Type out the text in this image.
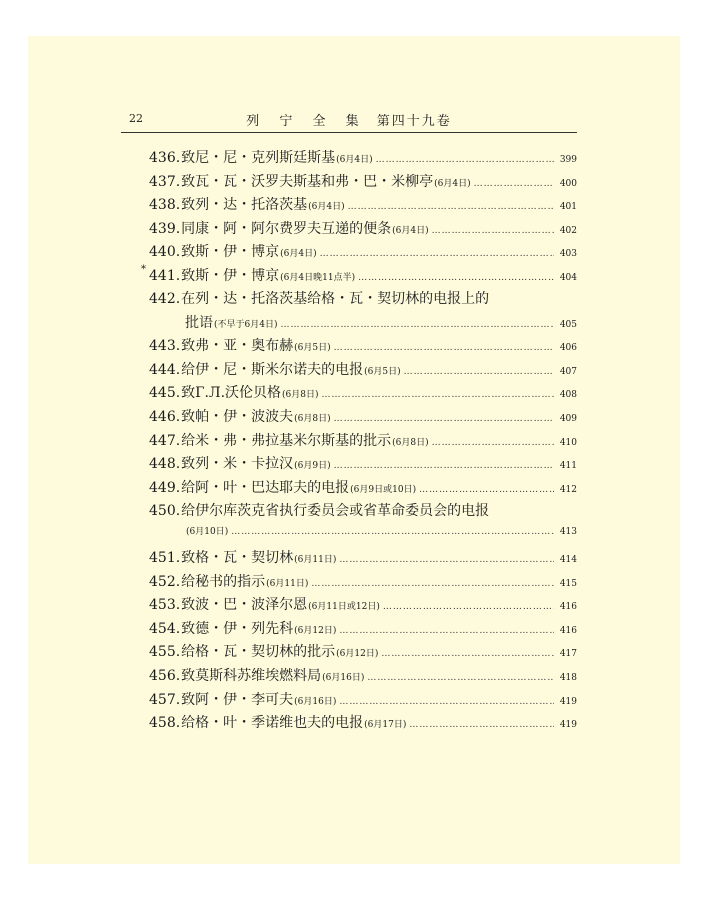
22	列 宁 全 集 第四十九卷
436. 致尼・尼・克列斯廷斯基 (6月4日) ……………………………………………………………………………………………………………………………………………………	399
437. 致瓦・瓦・沃罗夫斯基和弗・巴・米柳亭 (6月4日) ……………………………………………………………………………………………………………………………………………………	400
438. 致列・达・托洛茨基 (6月4日) ……………………………………………………………………………………………………………………………………………………	401
439. 同康・阿・阿尔费罗夫互递的便条 (6月4日) ……………………………………………………………………………………………………………………………………………………	402
440. 致斯・伊・博京 (6月4日) ……………………………………………………………………………………………………………………………………………………	403
* 441. 致斯・伊・博京 (6月4日晚11点半) ……………………………………………………………………………………………………………………………………………………	404
442. 在列・达・托洛茨基给格・瓦・契切林的电报上的
批语 (不早于6月4日) ……………………………………………………………………………………………………………………………………………………	405
443. 致弗・亚・奥布赫 (6月5日) ……………………………………………………………………………………………………………………………………………………	406
444. 给伊・尼・斯米尔诺夫的电报 (6月5日) ……………………………………………………………………………………………………………………………………………………	407
445. 致Г.Л.沃伦贝格 (6月8日) ……………………………………………………………………………………………………………………………………………………	408
446. 致帕・伊・波波夫 (6月8日) ……………………………………………………………………………………………………………………………………………………	409
447. 给米・弗・弗拉基米尔斯基的批示 (6月8日) ……………………………………………………………………………………………………………………………………………………	410
448. 致列・米・卡拉汉 (6月9日) ……………………………………………………………………………………………………………………………………………………	411
449. 给阿・叶・巴达耶夫的电报 (6月9日或10日) ……………………………………………………………………………………………………………………………………………………	412
450. 给伊尔库茨克省执行委员会或省革命委员会的电报
(6月10日) ……………………………………………………………………………………………………………………………………………………	413
451. 致格・瓦・契切林 (6月11日) ……………………………………………………………………………………………………………………………………………………	414
452. 给秘书的指示 (6月11日) ……………………………………………………………………………………………………………………………………………………	415
453. 致波・巴・波泽尔恩 (6月11日或12日) ……………………………………………………………………………………………………………………………………………………	416
454. 致德・伊・列先科 (6月12日) ……………………………………………………………………………………………………………………………………………………	416
455. 给格・瓦・契切林的批示 (6月12日) ……………………………………………………………………………………………………………………………………………………	417
456. 致莫斯科苏维埃燃料局 (6月16日) ……………………………………………………………………………………………………………………………………………………	418
457. 致阿・伊・李可夫 (6月16日) ……………………………………………………………………………………………………………………………………………………	419
458. 给格・叶・季诺维也夫的电报 (6月17日) ……………………………………………………………………………………………………………………………………………………	419
